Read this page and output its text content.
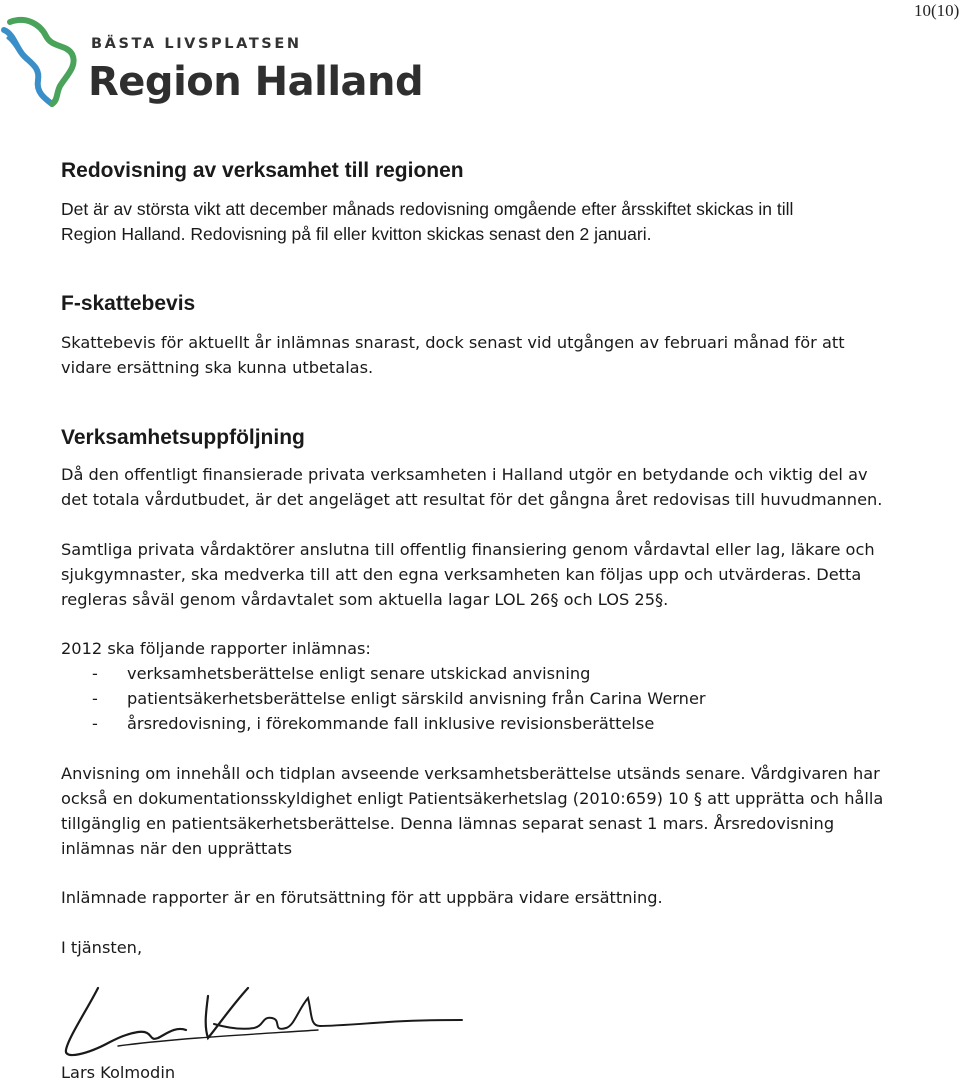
10(10)
BÄSTA LIVSPLATSEN
Region Halland
Redovisning av verksamhet till regionen
Det är av största vikt att december månads redovisning omgående efter årsskiftet skickas in till
Region Halland. Redovisning på fil eller kvitton skickas senast den 2 januari.
F-skattebevis
Skattebevis för aktuellt år inlämnas snarast, dock senast vid utgången av februari månad för att
vidare ersättning ska kunna utbetalas.
Verksamhetsuppföljning
Då den offentligt finansierade privata verksamheten i Halland utgör en betydande och viktig del av
det totala vårdutbudet, är det angeläget att resultat för det gångna året redovisas till huvudmannen.
Samtliga privata vårdaktörer anslutna till offentlig finansiering genom vårdavtal eller lag, läkare och
sjukgymnaster, ska medverka till att den egna verksamheten kan följas upp och utvärderas. Detta
regleras såväl genom vårdavtalet som aktuella lagar LOL 26§ och LOS 25§.
2012 ska följande rapporter inlämnas:
- verksamhetsberättelse enligt senare utskickad anvisning
- patientsäkerhetsberättelse enligt särskild anvisning från Carina Werner
- årsredovisning, i förekommande fall inklusive revisionsberättelse
Anvisning om innehåll och tidplan avseende verksamhetsberättelse utsänds senare. Vårdgivaren har
också en dokumentationsskyldighet enligt Patientsäkerhetslag (2010:659) 10 § att upprätta och hålla
tillgänglig en patientsäkerhetsberättelse. Denna lämnas separat senast 1 mars. Årsredovisning
inlämnas när den upprättats
Inlämnade rapporter är en förutsättning för att uppbära vidare ersättning.
I tjänsten,
Lars Kolmodin
